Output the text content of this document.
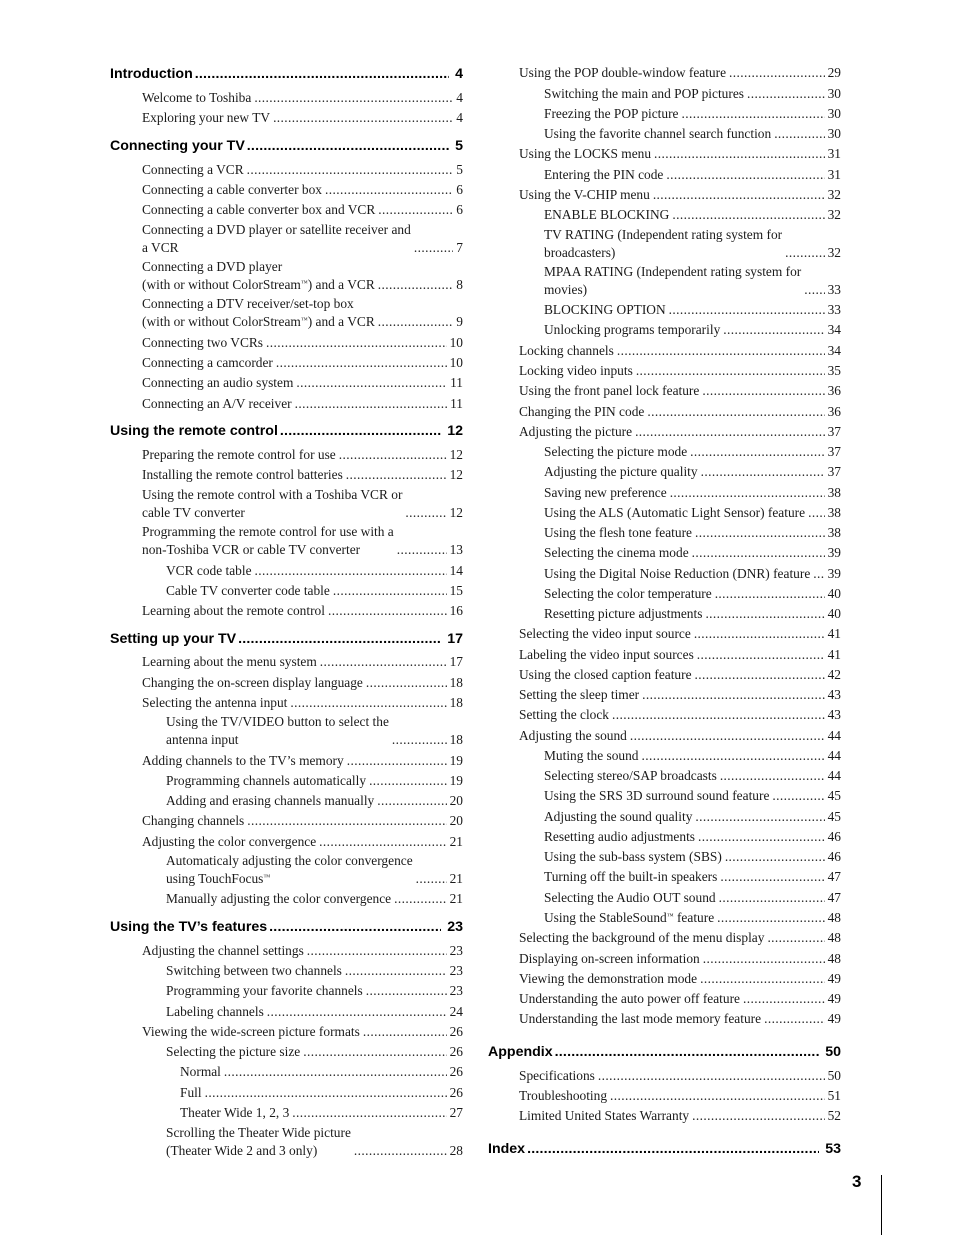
Introduction .....	4
Welcome to Toshiba .....	4
Exploring your new TV .....	4
Connecting your TV .....	5
Connecting a VCR .....	5
Connecting a cable converter box .....	6
Connecting a cable converter box and VCR .....	6
Connecting a DVD player or satellite receiver and
a VCR .....	7
Connecting a DVD player
(with or without ColorStream™) and a VCR .....	8
Connecting a DTV receiver/set-top box
(with or without ColorStream™) and a VCR .....	9
Connecting two VCRs .....	10
Connecting a camcorder .....	10
Connecting an audio system .....	11
Connecting an A/V receiver .....	11
Using the remote control .....	12
Preparing the remote control for use .....	12
Installing the remote control batteries .....	12
Using the remote control with a Toshiba VCR or
cable TV converter .....	12
Programming the remote control for use with a
non-Toshiba VCR or cable TV converter .....	13
VCR code table .....	14
Cable TV converter code table .....	15
Learning about the remote control .....	16
Setting up your TV .....	17
Learning about the menu system .....	17
Changing the on-screen display language .....	18
Selecting the antenna input .....	18
Using the TV/VIDEO button to select the
antenna input .....	18
Adding channels to the TV’s memory .....	19
Programming channels automatically .....	19
Adding and erasing channels manually .....	20
Changing channels .....	20
Adjusting the color convergence .....	21
Automaticaly adjusting the color convergence
using TouchFocus™ .....	21
Manually adjusting the color convergence .....	21
Using the TV’s features .....	23
Adjusting the channel settings .....	23
Switching between two channels .....	23
Programming your favorite channels .....	23
Labeling channels .....	24
Viewing the wide-screen picture formats .....	26
Selecting the picture size .....	26
Normal .....	26
Full .....	26
Theater Wide 1, 2, 3 .....	27
Scrolling the Theater Wide picture
(Theater Wide 2 and 3 only) .....	28
Using the POP double-window feature .....	29
Switching the main and POP pictures .....	30
Freezing the POP picture .....	30
Using the favorite channel search function .....	30
Using the LOCKS menu .....	31
Entering the PIN code .....	31
Using the V-CHIP menu .....	32
ENABLE BLOCKING .....	32
TV RATING (Independent rating system for
broadcasters) .....	32
MPAA RATING (Independent rating system for
movies) .....	33
BLOCKING OPTION .....	33
Unlocking programs temporarily .....	34
Locking channels .....	34
Locking video inputs .....	35
Using the front panel lock feature .....	36
Changing the PIN code .....	36
Adjusting the picture .....	37
Selecting the picture mode .....	37
Adjusting the picture quality .....	37
Saving new preference .....	38
Using the ALS (Automatic Light Sensor) feature ..... 38
Using the flesh tone feature .....	38
Selecting the cinema mode .....	39
Using the Digital Noise Reduction (DNR) feature ..... 39
Selecting the color temperature .....	40
Resetting picture adjustments .....	40
Selecting the video input source .....	41
Labeling the video input sources .....	41
Using the closed caption feature .....	42
Setting the sleep timer .....	43
Setting the clock .....	43
Adjusting the sound .....	44
Muting the sound .....	44
Selecting stereo/SAP broadcasts .....	44
Using the SRS 3D surround sound feature .....	45
Adjusting the sound quality .....	45
Resetting audio adjustments .....	46
Using the sub-bass system (SBS) .....	46
Turning off the built-in speakers .....	47
Selecting the Audio OUT sound .....	47
Using the StableSound™ feature .....	48
Selecting the background of the menu display .....	48
Displaying on-screen information .....	48
Viewing the demonstration mode .....	49
Understanding the auto power off feature .....	49
Understanding the last mode memory feature .....	49
Appendix .....	50
Specifications .....	50
Troubleshooting .....	51
Limited United States Warranty .....	52
Index .....	53
3
